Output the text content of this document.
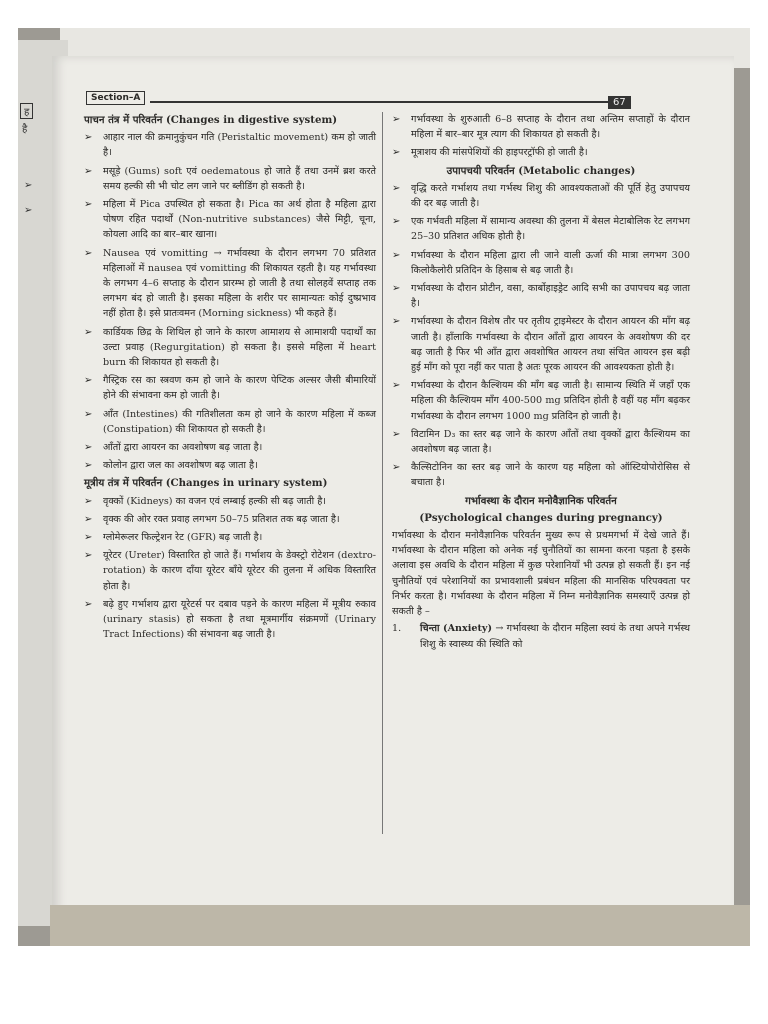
ह
है
➢
➢
Section–A	67
पाचन तंत्र में परिवर्तन (Changes in digestive system)
➢ आहार नाल की क्रमानुकुंचन गति (Peristaltic movement) कम हो जाती है।
➢ मसूड़े (Gums) soft एवं oedematous हो जाते हैं तथा उनमें ब्रश करते समय हल्की सी भी चोट लग जाने पर ब्लीडिंग हो सकती है।
➢ महिला में Pica उपस्थित हो सकता है। Pica का अर्थ होता है महिला द्वारा पोषण रहित पदार्थों (Non-nutritive substances) जैसे मिट्टी, चूना, कोयला आदि का बार–बार खाना।
➢ Nausea एवं vomitting → गर्भावस्था के दौरान लगभग 70 प्रतिशत महिलाओं में nausea एवं vomitting की शिकायत रहती है। यह गर्भावस्था के लगभग 4–6 सप्ताह के दौरान प्रारम्भ हो जाती है तथा सोलहवें सप्ताह तक लगभग बंद हो जाती है। इसका महिला के शरीर पर सामान्यतः कोई दुष्प्रभाव नहीं होता है। इसे प्रातःवमन (Morning sickness) भी कहते हैं।
➢ कार्डियक छिद्र के शिथिल हो जाने के कारण आमाशय से आमाशयी पदार्थों का उल्टा प्रवाह (Regurgitation) हो सकता है। इससे महिला में heart burn की शिकायत हो सकती है।
➢ गैस्ट्रिक रस का स्त्रवण कम हो जाने के कारण पेप्टिक अल्सर जैसी बीमारियों होने की संभावना कम हो जाती है।
➢ आँत (Intestines) की गतिशीलता कम हो जाने के कारण महिला में कब्ज (Constipation) की शिकायत हो सकती है।
➢ आँतों द्वारा आयरन का अवशोषण बढ़ जाता है।
➢ कोलोन द्वारा जल का अवशोषण बढ़ जाता है।
मूत्रीय तंत्र में परिवर्तन (Changes in urinary system)
➢ वृक्कों (Kidneys) का वजन एवं लम्बाई हल्की सी बढ़ जाती है।
➢ वृक्क की ओर रक्त प्रवाह लगभग 50–75 प्रतिशत तक बढ़ जाता है।
➢ ग्लोमेरूलर फिल्ट्रेशन रेट (GFR) बढ़ जाती है।
➢ यूरेटर (Ureter) विस्तारित हो जाते हैं। गर्भाशय के डेक्स्ट्रो रोटेशन (dextro-rotation) के कारण दाँया यूरेटर बाँये यूरेटर की तुलना में अधिक विस्तारित होता है।
➢ बढ़े हुए गर्भाशय द्वारा यूरेटर्स पर दबाव पड़ने के कारण महिला में मूत्रीय रुकाव (urinary stasis) हो सकता है तथा मूत्रमार्गीय संक्रमणों (Urinary Tract Infections) की संभावना बढ़ जाती है।
➢ गर्भावस्था के शुरुआती 6–8 सप्ताह के दौरान तथा अन्तिम सप्ताहों के दौरान महिला में बार–बार मूत्र त्याग की शिकायत हो सकती है।
➢ मूत्राशय की मांसपेशियों की हाइपरट्रॉफी हो जाती है।
उपापचयी परिवर्तन (Metabolic changes)
➢ वृद्धि करते गर्भाशय तथा गर्भस्थ शिशु की आवश्यकताओं की पूर्ति हेतु उपापचय की दर बढ़ जाती है।
➢ एक गर्भवती महिला में सामान्य अवस्था की तुलना में बेसल मेटाबोलिक रेट लगभग 25–30 प्रतिशत अधिक होती है।
➢ गर्भावस्था के दौरान महिला द्वारा ली जाने वाली ऊर्जा की मात्रा लगभग 300 किलोकैलोरी प्रतिदिन के हिसाब से बढ़ जाती है।
➢ गर्भावस्था के दौरान प्रोटीन, वसा, कार्बोहाइड्रेट आदि सभी का उपापचय बढ़ जाता है।
➢ गर्भावस्था के दौरान विशेष तौर पर तृतीय ट्राइमेस्टर के दौरान आयरन की माँग बढ़ जाती है। हाँलाकि गर्भावस्था के दौरान आँतों द्वारा आयरन के अवशोषण की दर बढ़ जाती है फिर भी आँत द्वारा अवशोषित आयरन तथा संचित आयरन इस बढ़ी हुई माँग को पूरा नहीं कर पाता है अतः पूरक आयरन की आवश्यकता होती है।
➢ गर्भावस्था के दौरान कैल्शियम की माँग बढ़ जाती है। सामान्य स्थिति में जहाँ एक महिला की कैल्शियम माँग 400-500 mg प्रतिदिन होती है वहीं यह माँग बढ़कर गर्भावस्था के दौरान लगभग 1000 mg प्रतिदिन हो जाती है।
➢ विटामिन D₃ का स्तर बढ़ जाने के कारण आँतों तथा वृक्कों द्वारा कैल्शियम का अवशोषण बढ़ जाता है।
➢ कैल्सिटोनिन का स्तर बढ़ जाने के कारण यह महिला को ऑस्टियोपोरोसिस से बचाता है।
गर्भावस्था के दौरान मनोवैज्ञानिक परिवर्तन
(Psychological changes during pregnancy)
गर्भावस्था के दौरान मनोवैज्ञानिक परिवर्तन मुख्य रूप से प्रथमगर्भा में देखे जाते हैं। गर्भावस्था के दौरान महिला को अनेक नई चुनौतियों का सामना करना पड़ता है इसके अलावा इस अवधि के दौरान महिला में कुछ परेशानियाँ भी उत्पन्न हो सकती हैं। इन नई चुनौतियों एवं परेशानियों का प्रभावशाली प्रबंधन महिला की मानसिक परिपक्वता पर निर्भर करता है। गर्भावस्था के दौरान महिला में निम्न मनोवैज्ञानिक समस्याएँ उत्पन्न हो सकती है –
1. चिन्ता (Anxiety) → गर्भावस्था के दौरान महिला स्वयं के तथा अपने गर्भस्थ शिशु के स्वास्थ्य की स्थिति को
